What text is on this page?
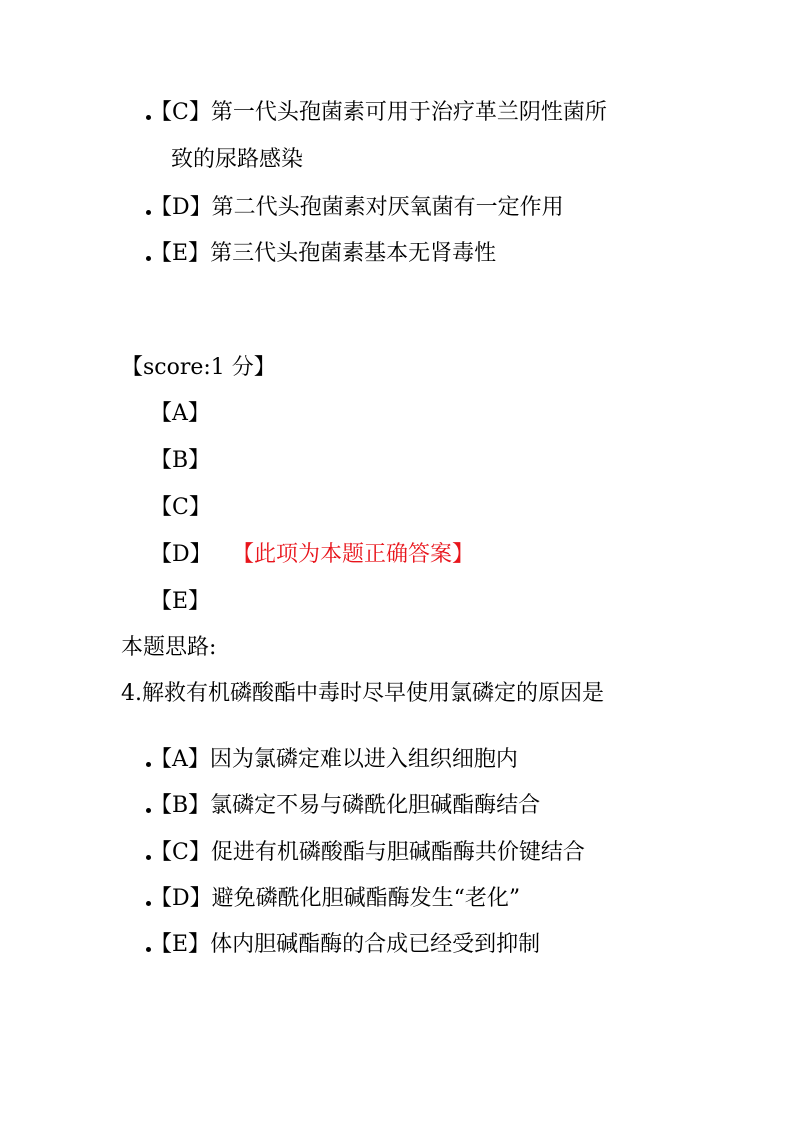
【C】第一代头孢菌素可用于治疗革兰阴性菌所
致的尿路感染
【D】第二代头孢菌素对厌氧菌有一定作用
【E】第三代头孢菌素基本无肾毒性
【score:1 分】
【A】
【B】
【C】
【D】 【此项为本题正确答案】
【E】
本题思路:
4.解救有机磷酸酯中毒时尽早使用氯磷定的原因是
【A】因为氯磷定难以进入组织细胞内
【B】氯磷定不易与磷酰化胆碱酯酶结合
【C】促进有机磷酸酯与胆碱酯酶共价键结合
【D】避免磷酰化胆碱酯酶发生“老化”
【E】体内胆碱酯酶的合成已经受到抑制
